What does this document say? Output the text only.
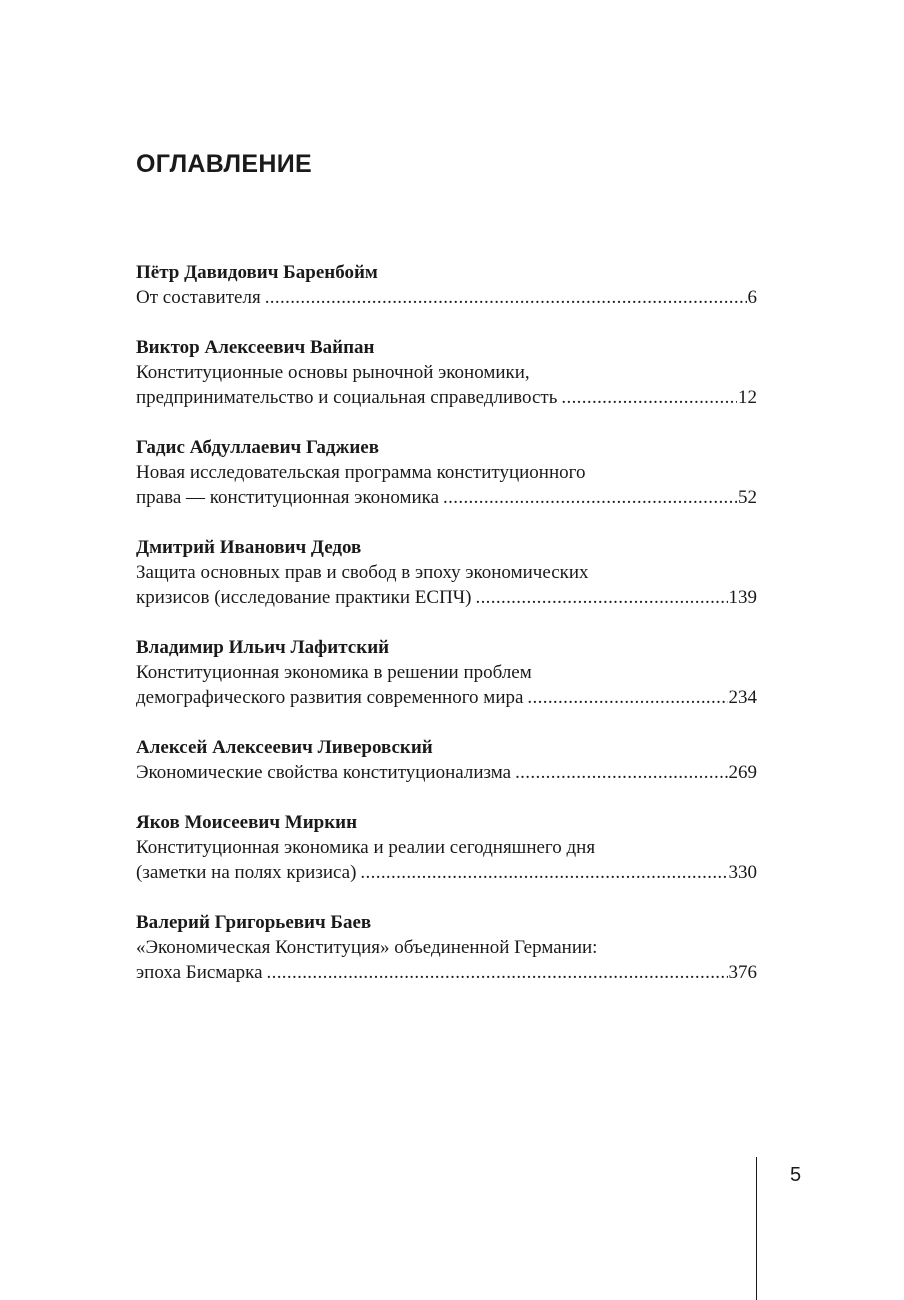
ОГЛАВЛЕНИЕ
Пётр Давидович Баренбойм
От составителя . . .	6
Виктор Алексеевич Вайпан
Конституционные основы рыночной экономики,
предпринимательство и социальная справедливость . . .	12
Гадис Абдуллаевич Гаджиев
Новая исследовательская программа конституционного
права — конституционная экономика . . .	52
Дмитрий Иванович Дедов
Защита основных прав и свобод в эпоху экономических
кризисов (исследование практики ЕСПЧ) . . .	139
Владимир Ильич Лафитский
Конституционная экономика в решении проблем
демографического развития современного мира . . .	234
Алексей Алексеевич Ливеровский
Экономические свойства конституционализма . . .	269
Яков Моисеевич Миркин
Конституционная экономика и реалии сегодняшнего дня
(заметки на полях кризиса) . . .	330
Валерий Григорьевич Баев
«Экономическая Конституция» объединенной Германии:
эпоха Бисмарка . . .	376
5
